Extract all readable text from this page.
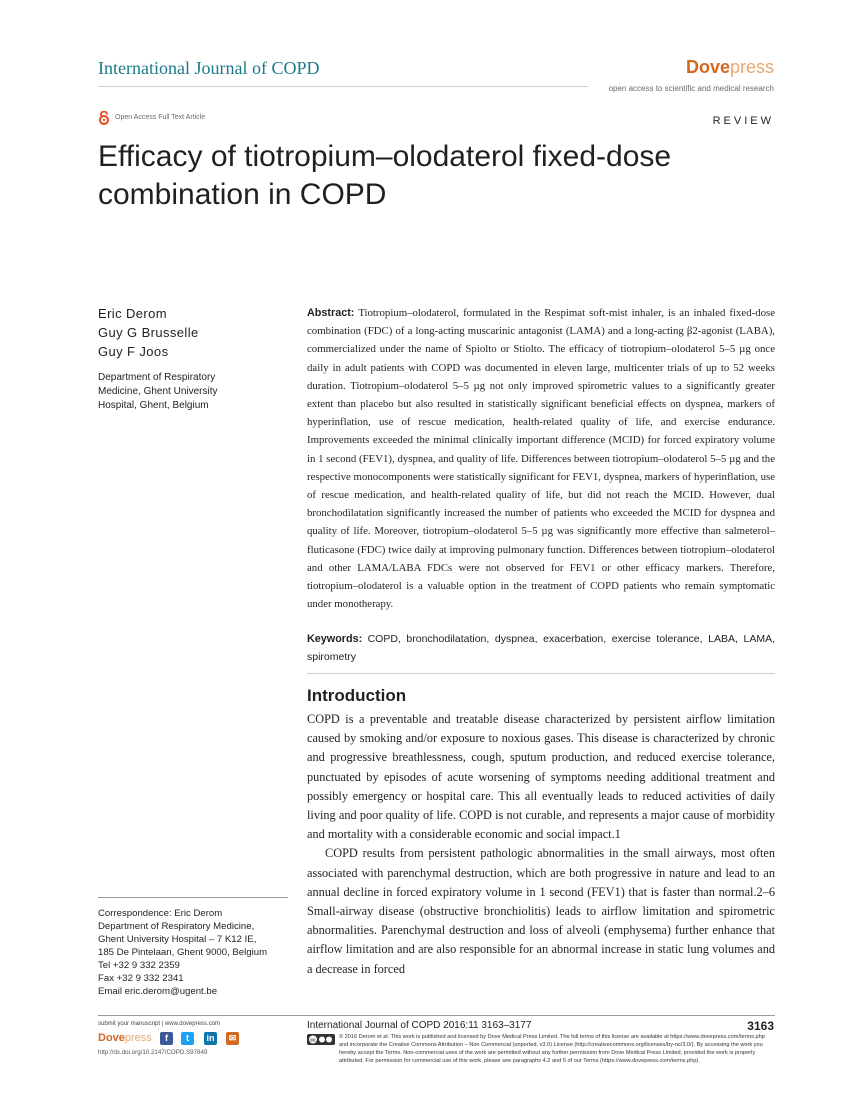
International Journal of COPD	Dovepress
open access to scientific and medical research
Open Access Full Text Article	REVIEW
Efficacy of tiotropium–olodaterol fixed-dose combination in COPD
Eric Derom
Guy G Brusselle
Guy F Joos
Department of Respiratory Medicine, Ghent University Hospital, Ghent, Belgium
Abstract: Tiotropium–olodaterol, formulated in the Respimat soft-mist inhaler, is an inhaled fixed-dose combination (FDC) of a long-acting muscarinic antagonist (LAMA) and a long-acting β2-agonist (LABA), commercialized under the name of Spiolto or Stiolto. The efficacy of tiotropium–olodaterol 5–5 µg once daily in adult patients with COPD was documented in eleven large, multicenter trials of up to 52 weeks duration. Tiotropium–olodaterol 5–5 µg not only improved spirometric values to a significantly greater extent than placebo but also resulted in statistically significant beneficial effects on dyspnea, markers of hyperinflation, use of rescue medication, health-related quality of life, and exercise endurance. Improvements exceeded the minimal clinically important difference (MCID) for forced expiratory volume in 1 second (FEV1), dyspnea, and quality of life. Differences between tiotropium–olodaterol 5–5 µg and the respective monocomponents were statistically significant for FEV1, dyspnea, markers of hyperinflation, use of rescue medication, and health-related quality of life, but did not reach the MCID. However, dual bronchodilatation significantly increased the number of patients who exceeded the MCID for dyspnea and quality of life. Moreover, tiotropium–olodaterol 5–5 µg was significantly more effective than salmeterol–fluticasone (FDC) twice daily at improving pulmonary function. Differences between tiotropium–olodaterol and other LAMA/LABA FDCs were not observed for FEV1 or other efficacy markers. Therefore, tiotropium–olodaterol is a valuable option in the treatment of COPD patients who remain symptomatic under monotherapy.
Keywords: COPD, bronchodilatation, dyspnea, exacerbation, exercise tolerance, LABA, LAMA, spirometry
Introduction

COPD is a preventable and treatable disease characterized by persistent airflow limitation caused by smoking and/or exposure to noxious gases. This disease is characterized by chronic and progressive breathlessness, cough, sputum production, and reduced exercise tolerance, punctuated by episodes of acute worsening of symptoms needing additional treatment and possibly emergency or hospital care. This all eventually leads to reduced activities of daily living and poor quality of life. COPD is not curable, and represents a major cause of morbidity and mortality with a considerable economic and social impact.1

COPD results from persistent pathologic abnormalities in the small airways, most often associated with parenchymal destruction, which are both progressive in nature and lead to an annual decline in forced expiratory volume in 1 second (FEV1) that is faster than normal.2–6 Small-airway disease (obstructive bronchiolitis) leads to airflow limitation and spirometric abnormalities. Parenchymal destruction and loss of alveoli (emphysema) further enhance that airflow limitation and are also responsible for an abnormal increase in static lung volumes and a decrease in forced

Correspondence: Eric Derom
Department of Respiratory Medicine,
Ghent University Hospital – 7 K12 IE,
185 De Pintelaan, Ghent 9000, Belgium
Tel +32 9 332 2359
Fax +32 9 332 2341
Email eric.derom@ugent.be
submit your manuscript | www.dovepress.com
Dovepress	f	t	in	✉
http://dx.doi.org/10.2147/COPD.S97849
International Journal of COPD 2016:11 3163–3177	3163
cc
© 2016 Derom et al. This work is published and licensed by Dove Medical Press Limited. The full terms of this license are available at https://www.dovepress.com/terms.php and incorporate the Creative Commons Attribution – Non Commercial (unported, v3.0) License (http://creativecommons.org/licenses/by-nc/3.0/). By accessing the work you hereby accept the Terms. Non-commercial uses of the work are permitted without any further permission from Dove Medical Press Limited, provided the work is properly attributed. For permission for commercial use of this work, please see paragraphs 4.2 and 5 of our Terms (https://www.dovepress.com/terms.php).
